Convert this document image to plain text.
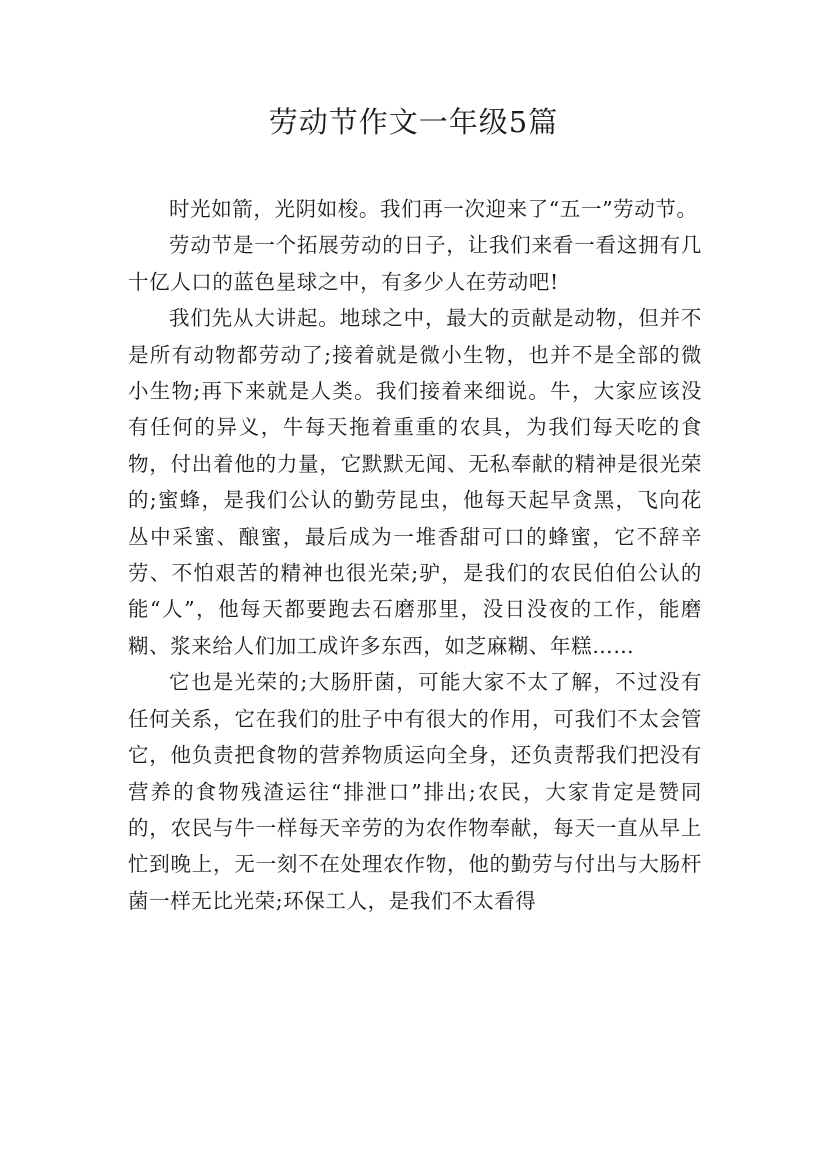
劳动节作文一年级5篇

时光如箭，光阴如梭。我们再一次迎来了“五一”劳动节。

劳动节是一个拓展劳动的日子，让我们来看一看这拥有几十亿人口的蓝色星球之中，有多少人在劳动吧!

我们先从大讲起。地球之中，最大的贡献是动物，但并不是所有动物都劳动了;接着就是微小生物，也并不是全部的微小生物;再下来就是人类。我们接着来细说。牛，大家应该没有任何的异义，牛每天拖着重重的农具，为我们每天吃的食物，付出着他的力量，它默默无闻、无私奉献的精神是很光荣的;蜜蜂，是我们公认的勤劳昆虫，他每天起早贪黑，飞向花丛中采蜜、酿蜜，最后成为一堆香甜可口的蜂蜜，它不辞辛劳、不怕艰苦的精神也很光荣;驴，是我们的农民伯伯公认的能“人”，他每天都要跑去石磨那里，没日没夜的工作，能磨糊、浆来给人们加工成许多东西，如芝麻糊、年糕……

它也是光荣的;大肠肝菌，可能大家不太了解，不过没有任何关系，它在我们的肚子中有很大的作用，可我们不太会管它，他负责把食物的营养物质运向全身，还负责帮我们把没有营养的食物残渣运往“排泄口”排出;农民，大家肯定是赞同的，农民与牛一样每天辛劳的为农作物奉献，每天一直从早上忙到晚上，无一刻不在处理农作物，他的勤劳与付出与大肠杆菌一样无比光荣;环保工人，是我们不太看得
